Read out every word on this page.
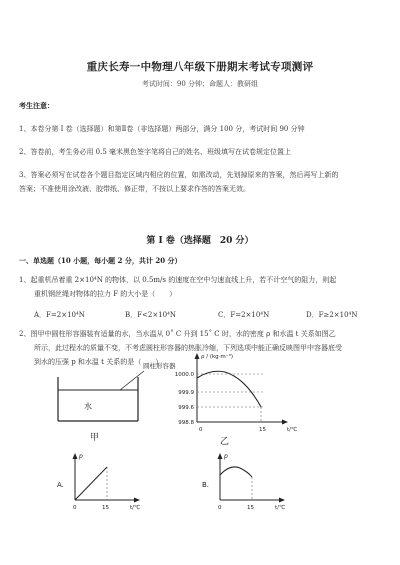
重庆长寿一中物理八年级下册期末考试专项测评
考试时间：90 分钟；命题人：教研组
考生注意：
1、本卷分第 I 卷（选择题）和第Ⅱ卷（非选择题）两部分，满分 100 分，考试时间 90 分钟
2、答卷前，考生务必用 0.5 毫米黑色签字笔将自己的姓名、班级填写在试卷规定位置上
3、答案必须写在试卷各个题目指定区域内相应的位置，如需改动，先划掉原来的答案，然后再写上新的
答案；不准使用涂改液、胶带纸、修正带，不按以上要求作答的答案无效。
第 I 卷（选择题　20 分）
一、单选题（10 小题，每小题 2 分，共计 20 分）
1、起重机吊着重 2×10⁴N 的物体，以 0.5m/s 的速度在空中匀速直线上升，若不计空气的阻力，则起
重机钢丝绳对物体的拉力 F 的大小是（　　）
A．F=2×10⁴N	B．F<2×10⁴N	C．F=2×10⁴N	D．F≥2×10⁴N
2、图甲中圆柱形容器装有适量的水，当水温从 0˚ C 升到 15˚ C 时，水的密度 ρ 和水温 t 关系如图乙
所示，此过程水的质量不变，不考虑圆柱形容器的热胀冷缩，下列选项中能正确反映图甲中容器底受
到水的压强 p 和水温 t 关系的是（　　）
圆柱形容器
水
甲
ρ / (kg·m⁻³)
1000.0
999.9
999.6
998.8
0	15	t/℃
乙
A.
p
0	15	t/℃
B.
p
0	15	t/℃
